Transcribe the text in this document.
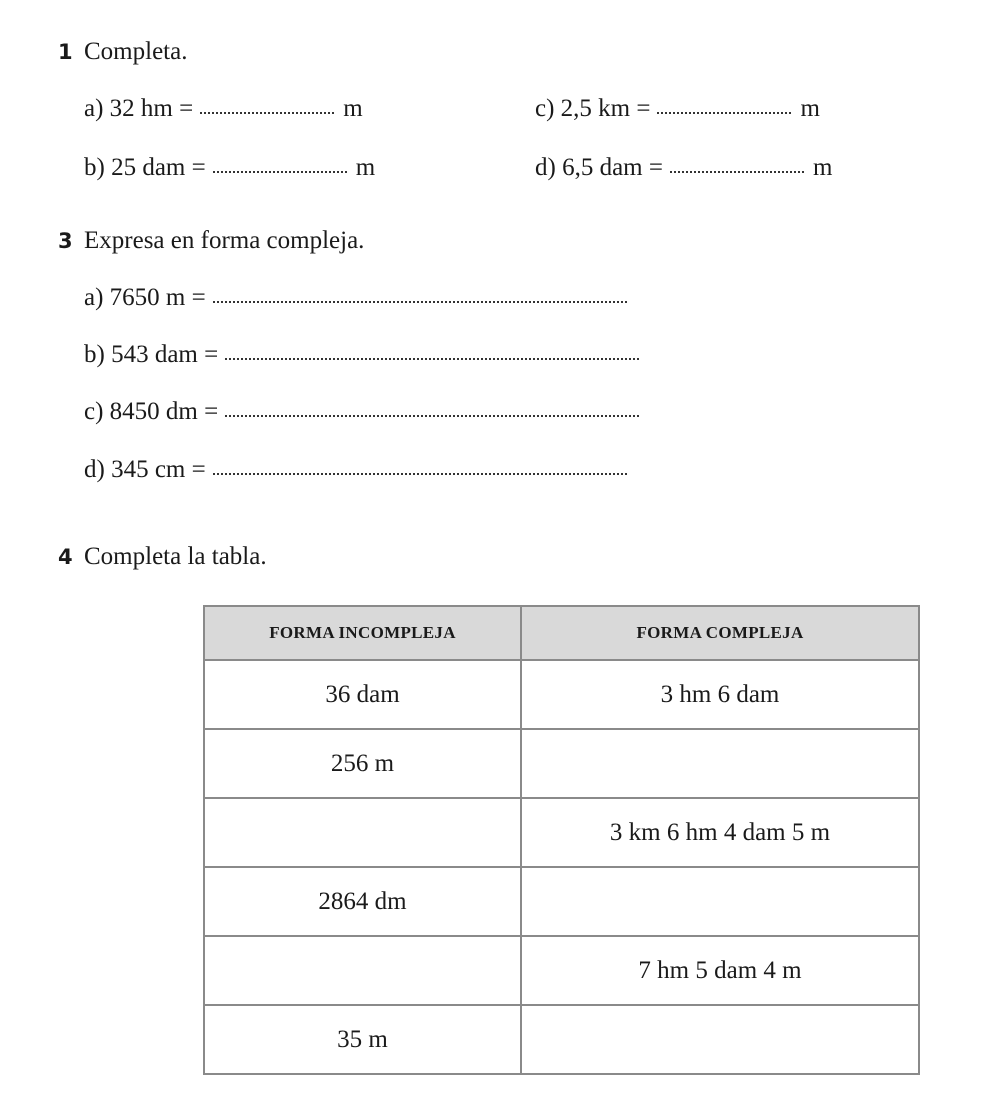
1 Completa.
a) 32 hm =	m	c) 2,5 km =	m
b) 25 dam =	m	d) 6,5 dam =	m
3 Expresa en forma compleja.
a) 7650 m =
b) 543 dam =
c) 8450 dm =
d) 345 cm =
4 Completa la tabla.
FORMA INCOMPLEJA	FORMA COMPLEJA
36 dam	3 hm 6 dam
256 m	
	3 km 6 hm 4 dam 5 m
2864 dm	
	7 hm 5 dam 4 m
35 m	
